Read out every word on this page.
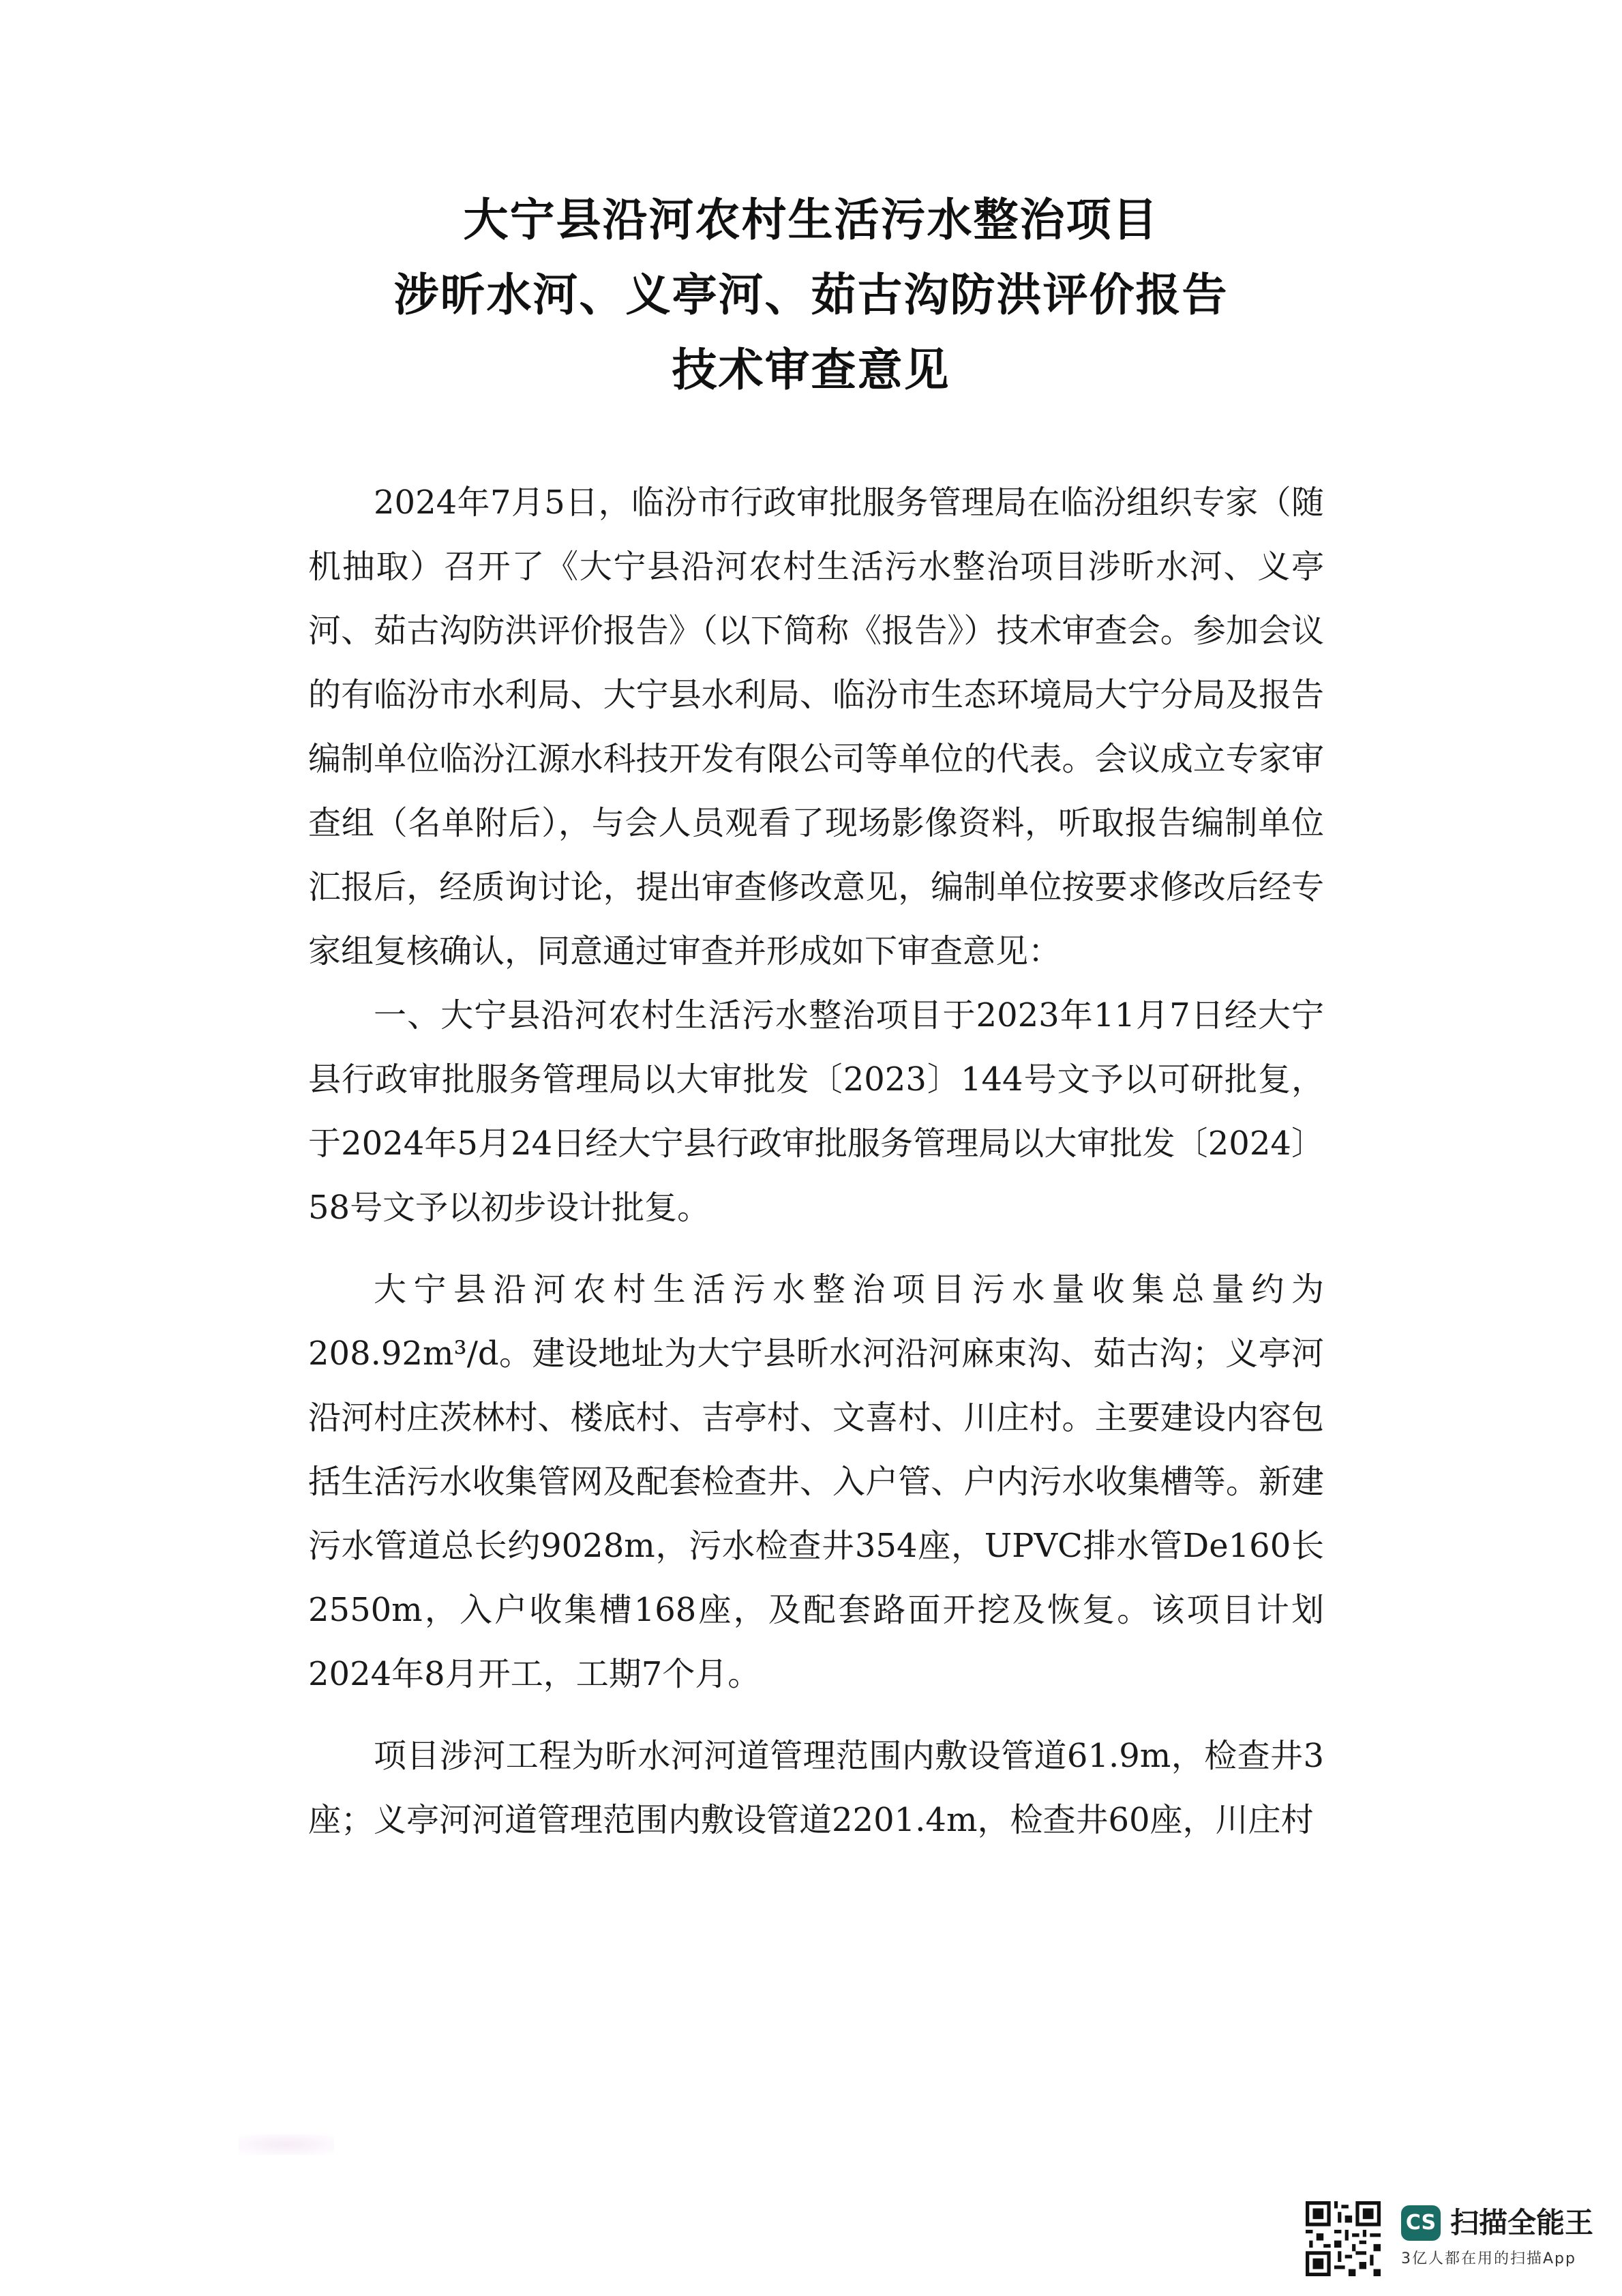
大宁县沿河农村生活污水整治项目
涉昕水河、义亭河、茹古沟防洪评价报告
技术审查意见

2024年7月5日，临汾市行政审批服务管理局在临汾组织专家（随机抽取）召开了《大宁县沿河农村生活污水整治项目涉昕水河、义亭河、茹古沟防洪评价报告》（以下简称《报告》）技术审查会。参加会议的有临汾市水利局、大宁县水利局、临汾市生态环境局大宁分局及报告编制单位临汾江源水科技开发有限公司等单位的代表。会议成立专家审查组（名单附后），与会人员观看了现场影像资料，听取报告编制单位汇报后，经质询讨论，提出审查修改意见，编制单位按要求修改后经专家组复核确认，同意通过审查并形成如下审查意见：

一、大宁县沿河农村生活污水整治项目于2023年11月7日经大宁县行政审批服务管理局以大审批发〔2023〕144号文予以可研批复，于2024年5月24日经大宁县行政审批服务管理局以大审批发〔2024〕58号文予以初步设计批复。

大宁县沿河农村生活污水整治项目污水量收集总量约为208.92m³/d。建设地址为大宁县昕水河沿河麻束沟、茹古沟；义亭河沿河村庄茨林村、楼底村、吉亭村、文喜村、川庄村。主要建设内容包括生活污水收集管网及配套检查井、入户管、户内污水收集槽等。新建污水管道总长约9028m，污水检查井354座，UPVC排水管De160长2550m，入户收集槽168座，及配套路面开挖及恢复。该项目计划2024年8月开工，工期7个月。

项目涉河工程为昕水河河道管理范围内敷设管道61.9m，检查井3座；义亭河河道管理范围内敷设管道2201.4m，检查井60座，川庄村

CS 扫描全能王
3亿人都在用的扫描App
